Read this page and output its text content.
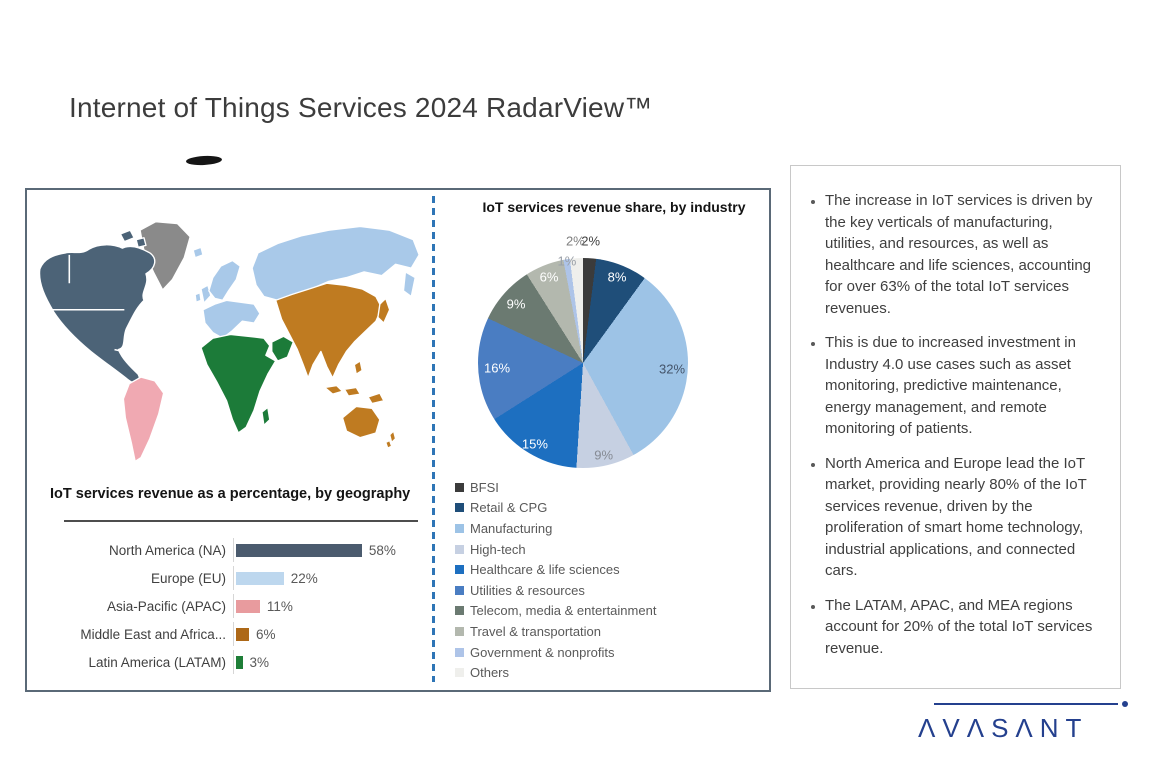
Internet of Things Services 2024 RadarView™
IoT services revenue as a percentage, by geography
North America (NA)	58%
Europe (EU)	22%
Asia-Pacific (APAC)	11%
Middle East and Africa...	6%
Latin America (LATAM)	3%
IoT services revenue share, by industry
2%
8%
32%
9%
15%
16%
9%
6%
1%
2%
BFSI
Retail & CPG
Manufacturing
High-tech
Healthcare & life sciences
Utilities & resources
Telecom, media & entertainment
Travel & transportation
Government & nonprofits
Others
• The increase in IoT services is driven by the key verticals of manufacturing, utilities, and resources, as well as healthcare and life sciences, accounting for over 63% of the total IoT services revenues.
• This is due to increased investment in Industry 4.0 use cases such as asset monitoring, predictive maintenance, energy management, and remote monitoring of patients.
• North America and Europe lead the IoT market, providing nearly 80% of the IoT services revenue, driven by the proliferation of smart home technology, industrial applications, and connected cars.
• The LATAM, APAC, and MEA regions account for 20% of the total IoT services revenue.
ΛVΛSΛNT
